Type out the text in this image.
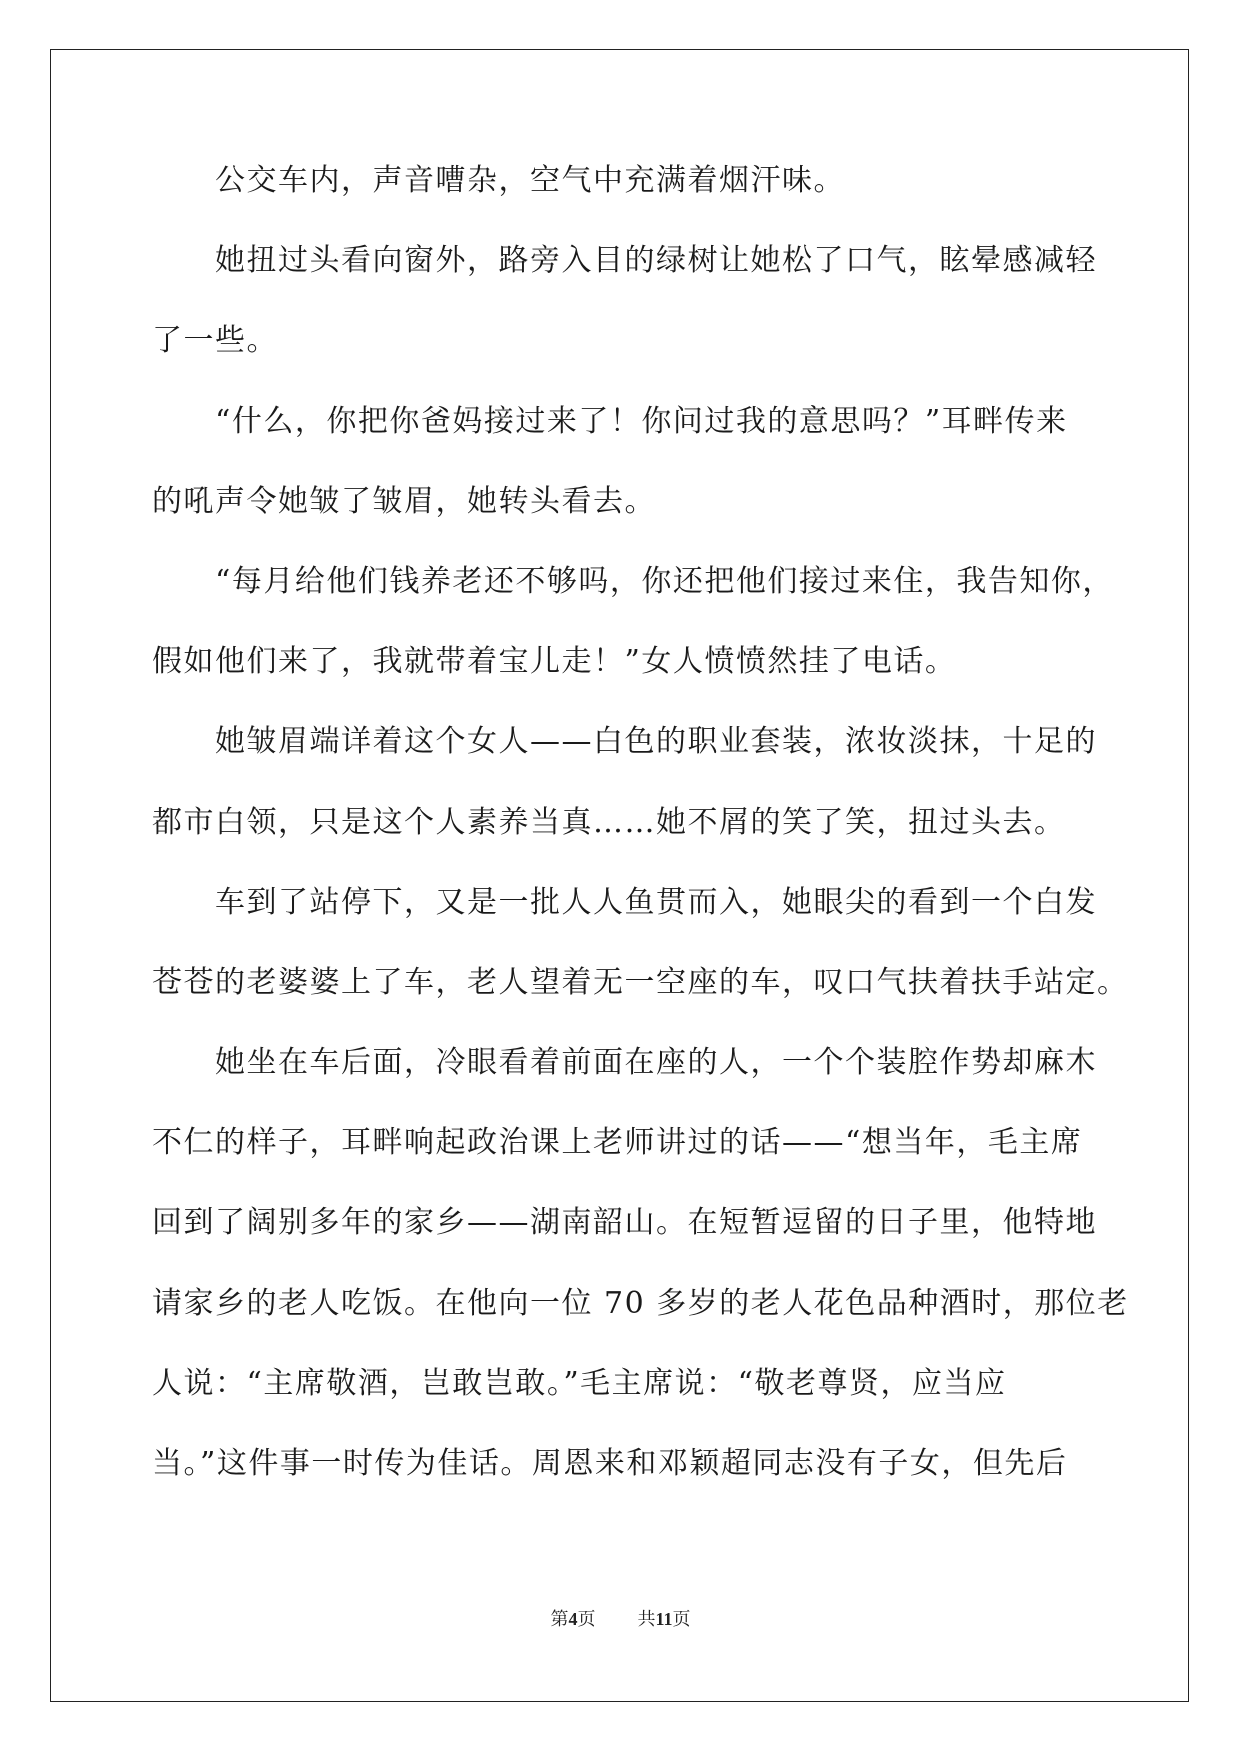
公交车内，声音嘈杂，空气中充满着烟汗味。
她扭过头看向窗外，路旁入目的绿树让她松了口气，眩晕感减轻
了一些。
“什么，你把你爸妈接过来了！你问过我的意思吗？”耳畔传来
的吼声令她皱了皱眉，她转头看去。
“每月给他们钱养老还不够吗，你还把他们接过来住，我告知你，
假如他们来了，我就带着宝儿走！”女人愤愤然挂了电话。
她皱眉端详着这个女人——白色的职业套装，浓妆淡抹，十足的
都市白领，只是这个人素养当真……她不屑的笑了笑，扭过头去。
车到了站停下，又是一批人人鱼贯而入，她眼尖的看到一个白发
苍苍的老婆婆上了车，老人望着无一空座的车，叹口气扶着扶手站定。
她坐在车后面，冷眼看着前面在座的人，一个个装腔作势却麻木
不仁的样子，耳畔响起政治课上老师讲过的话——“想当年，毛主席
回到了阔别多年的家乡——湖南韶山。在短暂逗留的日子里，他特地
请家乡的老人吃饭。在他向一位 70 多岁的老人花色品种酒时，那位老
人说：“主席敬酒，岂敢岂敢。”毛主席说：“敬老尊贤，应当应
当。”这件事一时传为佳话。周恩来和邓颖超同志没有子女，但先后
第4页 共11页
